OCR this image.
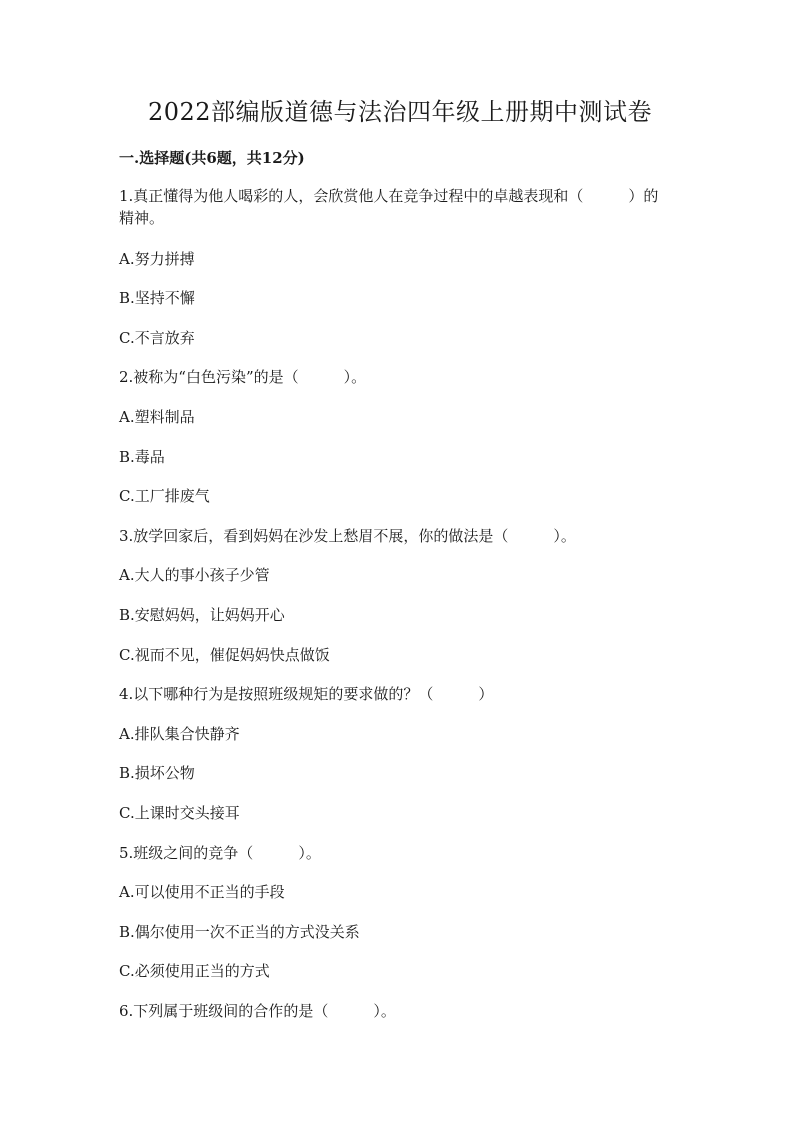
2022部编版道德与法治四年级上册期中测试卷
一.选择题(共6题，共12分)
1.真正懂得为他人喝彩的人，会欣赏他人在竞争过程中的卓越表现和（　　　）的精神。
A.努力拼搏
B.坚持不懈
C.不言放弃
2.被称为“白色污染”的是（　　　）。
A.塑料制品
B.毒品
C.工厂排废气
3.放学回家后，看到妈妈在沙发上愁眉不展，你的做法是（　　　）。
A.大人的事小孩子少管
B.安慰妈妈，让妈妈开心
C.视而不见，催促妈妈快点做饭
4.以下哪种行为是按照班级规矩的要求做的？（　　　）
A.排队集合快静齐
B.损坏公物
C.上课时交头接耳
5.班级之间的竞争（　　　）。
A.可以使用不正当的手段
B.偶尔使用一次不正当的方式没关系
C.必须使用正当的方式
6.下列属于班级间的合作的是（　　　）。
